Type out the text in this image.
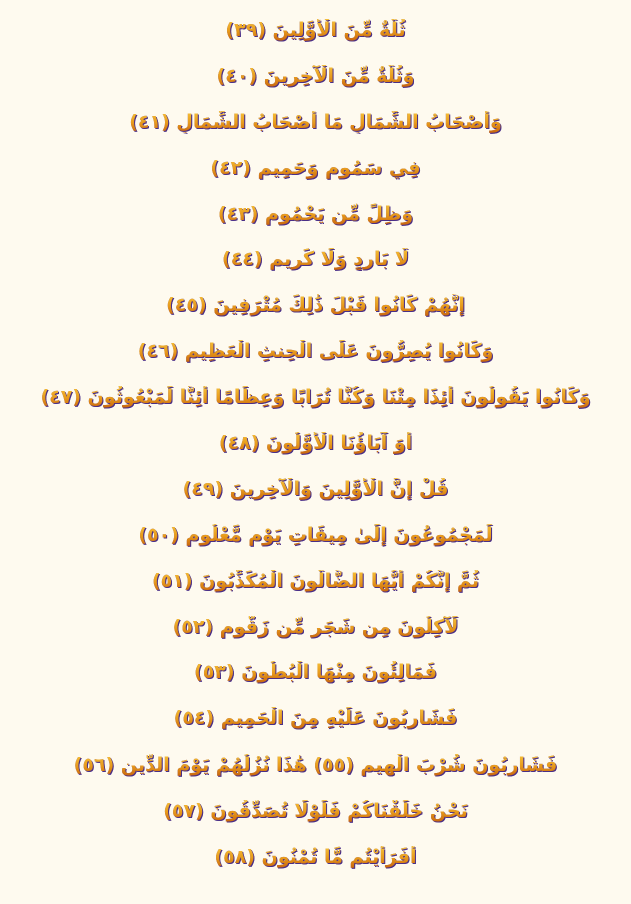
ثُلَّةٌ مِّنَ الْأَوَّلِينَ (٣٩)
وَثُلَّةٌ مِّنَ الْآخِرِينَ (٤٠)
وَأَصْحَابُ الشِّمَالِ مَا أَصْحَابُ الشِّمَالِ (٤١)
فِي سَمُومٍ وَحَمِيمٍ (٤٢)
وَظِلٍّ مِّن يَحْمُومٍ (٤٣)
لَّا بَارِدٍ وَلَا كَرِيمٍ (٤٤)
إِنَّهُمْ كَانُوا قَبْلَ ذَٰلِكَ مُتْرَفِينَ (٤٥)
وَكَانُوا يُصِرُّونَ عَلَى الْحِنثِ الْعَظِيمِ (٤٦)
وَكَانُوا يَقُولُونَ أَئِذَا مِتْنَا وَكُنَّا تُرَابًا وَعِظَامًا أَئِنَّا لَمَبْعُوثُونَ (٤٧)
أَوَ آبَاؤُنَا الْأَوَّلُونَ (٤٨)
قُلْ إِنَّ الْأَوَّلِينَ وَالْآخِرِينَ (٤٩)
لَمَجْمُوعُونَ إِلَىٰ مِيقَاتِ يَوْمٍ مَّعْلُومٍ (٥٠)
ثُمَّ إِنَّكُمْ أَيُّهَا الضَّالُّونَ الْمُكَذِّبُونَ (٥١)
لَآكِلُونَ مِن شَجَرٍ مِّن زَقُّومٍ (٥٢)
فَمَالِئُونَ مِنْهَا الْبُطُونَ (٥٣)
فَشَارِبُونَ عَلَيْهِ مِنَ الْحَمِيمِ (٥٤)
فَشَارِبُونَ شُرْبَ الْهِيمِ (٥٥) هَٰذَا نُزُلُهُمْ يَوْمَ الدِّينِ (٥٦)
نَحْنُ خَلَقْنَاكُمْ فَلَوْلَا تُصَدِّقُونَ (٥٧)
أَفَرَأَيْتُم مَّا تُمْنُونَ (٥٨)
